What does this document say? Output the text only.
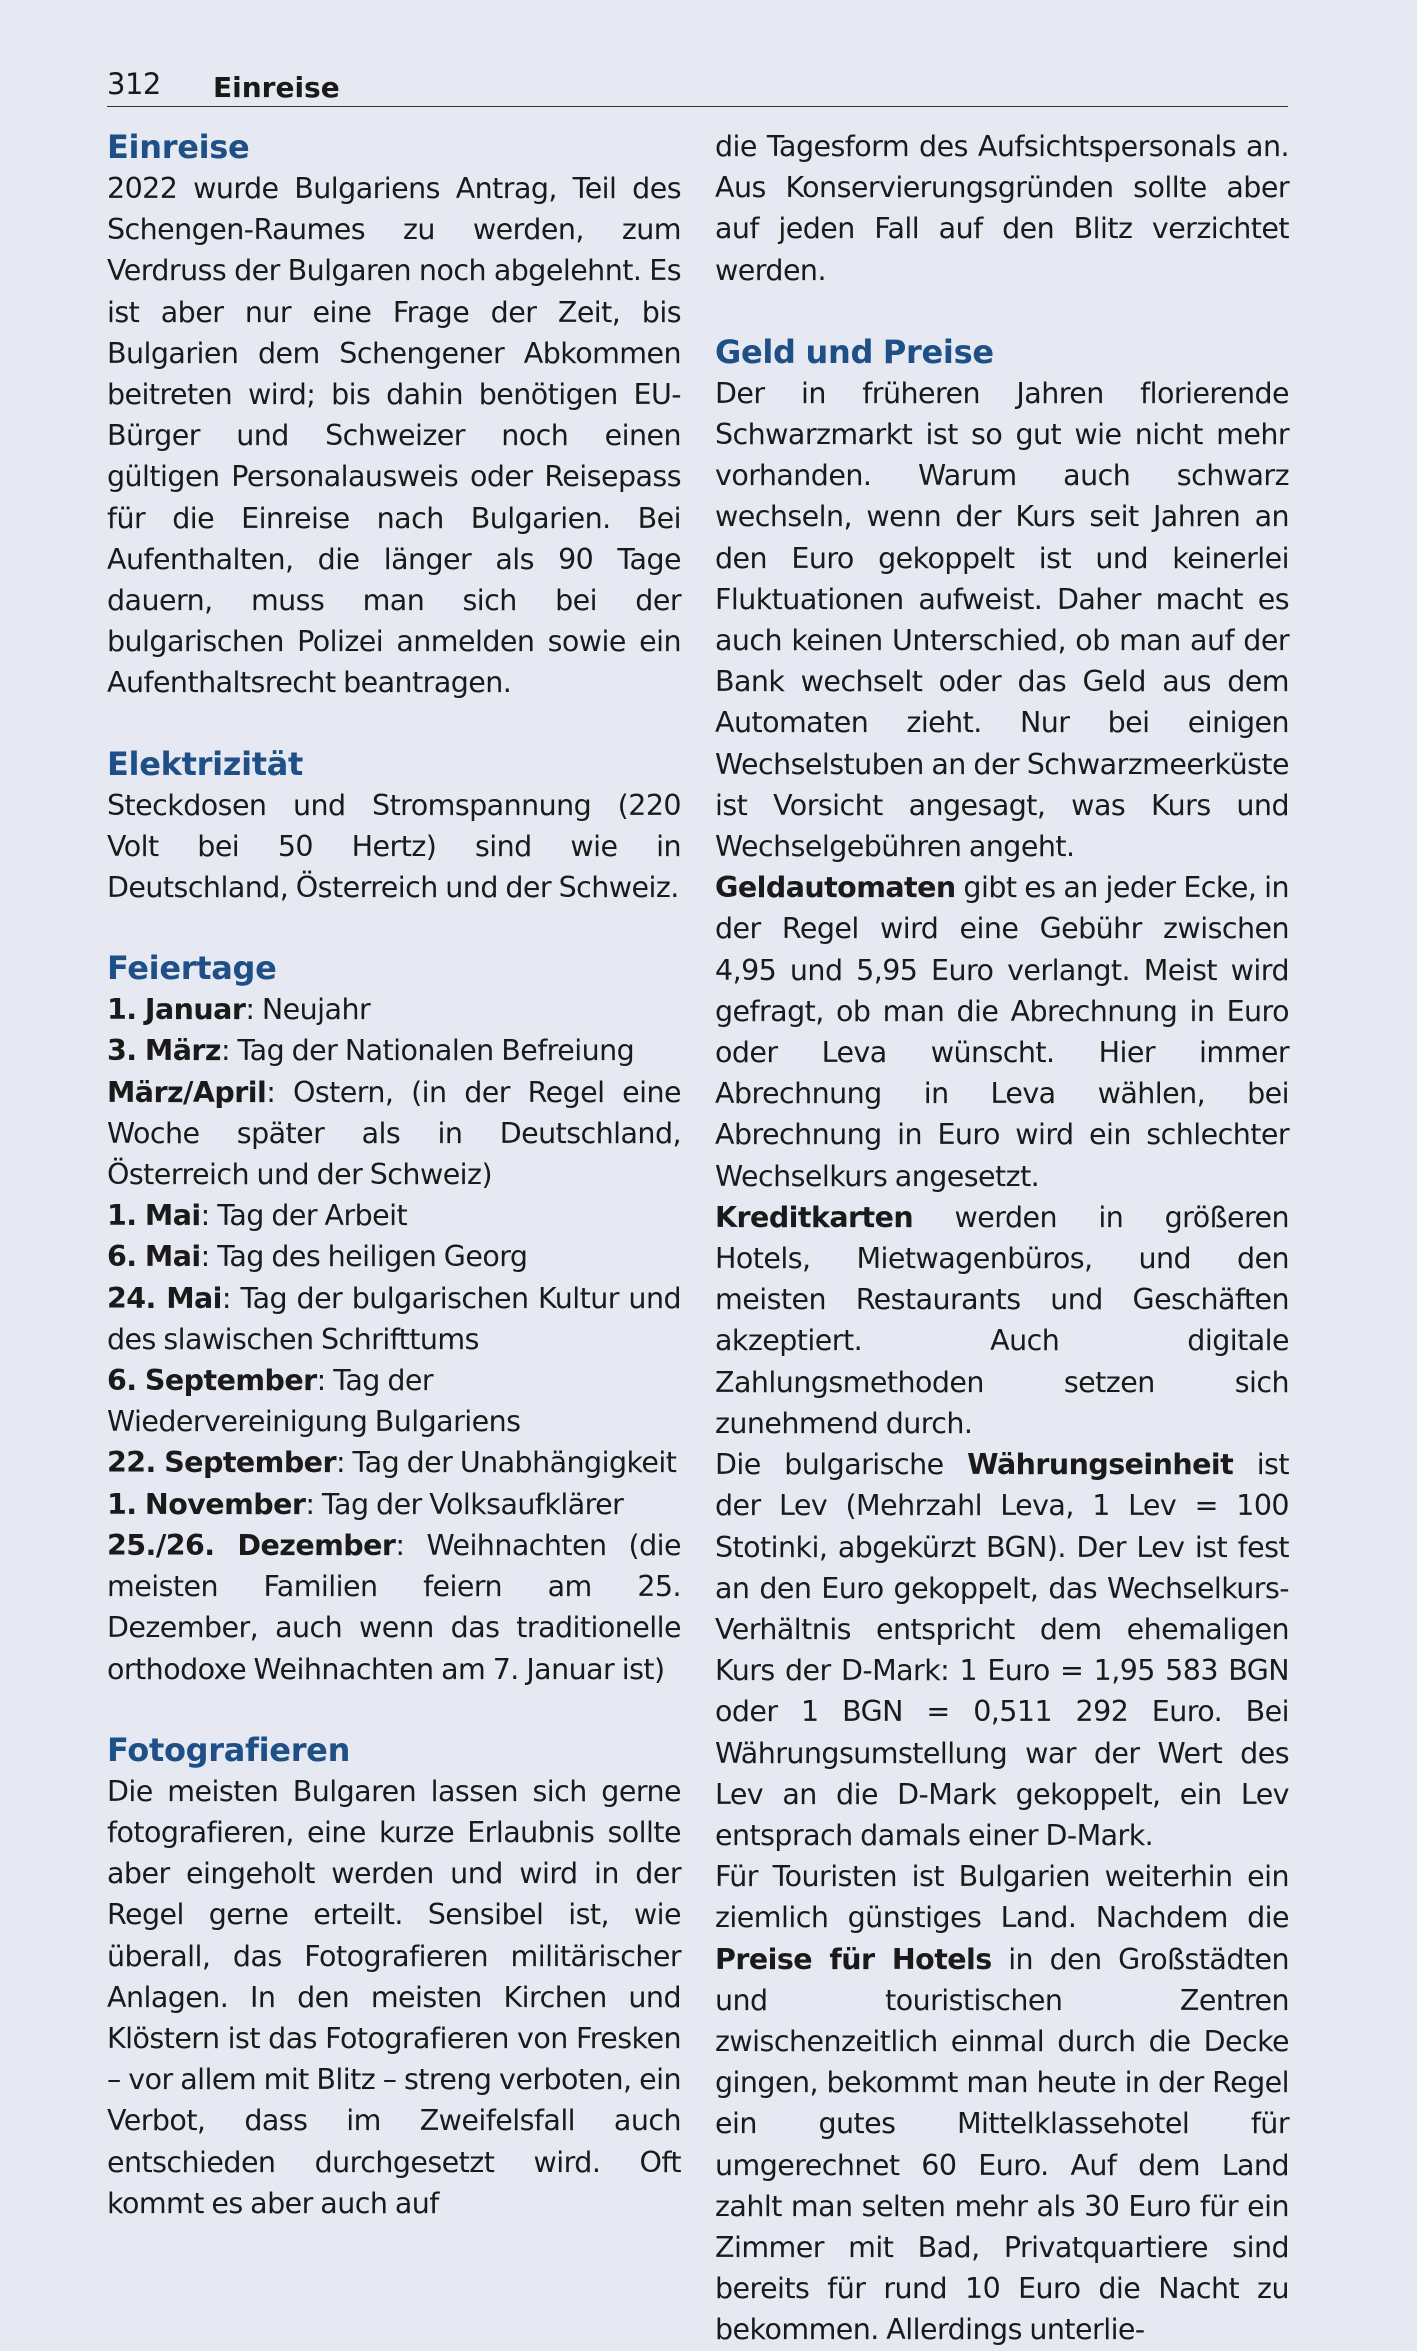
312 Einreise
Einreise

2022 wurde Bulgariens Antrag, Teil des Schengen-Raumes zu werden, zum Verdruss der Bulgaren noch abgelehnt. Es ist aber nur eine Frage der Zeit, bis Bulgarien dem Schengener Abkommen beitreten wird; bis dahin benötigen EU-Bürger und Schweizer noch einen gültigen Personalausweis oder Reisepass für die Einreise nach Bulgarien. Bei Aufenthalten, die länger als 90 Tage dauern, muss man sich bei der bulgarischen Polizei anmelden sowie ein Aufenthaltsrecht beantragen.

Elektrizität

Steckdosen und Stromspannung (220 Volt bei 50 Hertz) sind wie in Deutschland, Österreich und der Schweiz.

Feiertage

1. Januar: Neujahr

3. März: Tag der Nationalen Befreiung

März/April: Ostern, (in der Regel eine Woche später als in Deutschland, Österreich und der Schweiz)

1. Mai: Tag der Arbeit

6. Mai: Tag des heiligen Georg

24. Mai: Tag der bulgarischen Kultur und des slawischen Schrifttums

6. September: Tag der Wiedervereinigung Bulgariens

22. September: Tag der Unabhängigkeit

1. November: Tag der Volksaufklärer

25./26. Dezember: Weihnachten (die meisten Familien feiern am 25. Dezember, auch wenn das traditionelle orthodoxe Weihnachten am 7. Januar ist)

Fotografieren

Die meisten Bulgaren lassen sich gerne fotografieren, eine kurze Erlaubnis sollte aber eingeholt werden und wird in der Regel gerne erteilt. Sensibel ist, wie überall, das Fotografieren militärischer Anlagen. In den meisten Kirchen und Klöstern ist das Fotografieren von Fresken – vor allem mit Blitz – streng verboten, ein Verbot, dass im Zweifelsfall auch entschieden durchgesetzt wird. Oft kommt es aber auch auf

die Tagesform des Aufsichtspersonals an. Aus Konservierungsgründen sollte aber auf jeden Fall auf den Blitz verzichtet werden.

Geld und Preise

Der in früheren Jahren florierende Schwarzmarkt ist so gut wie nicht mehr vorhanden. Warum auch schwarz wechseln, wenn der Kurs seit Jahren an den Euro gekoppelt ist und keinerlei Fluktuationen aufweist. Daher macht es auch keinen Unterschied, ob man auf der Bank wechselt oder das Geld aus dem Automaten zieht. Nur bei einigen Wechselstuben an der Schwarzmeerküste ist Vorsicht angesagt, was Kurs und Wechselgebühren angeht.

Geldautomaten gibt es an jeder Ecke, in der Regel wird eine Gebühr zwischen 4,95 und 5,95 Euro verlangt. Meist wird gefragt, ob man die Abrechnung in Euro oder Leva wünscht. Hier immer Abrechnung in Leva wählen, bei Abrechnung in Euro wird ein schlechter Wechselkurs angesetzt.

Kreditkarten werden in größeren Hotels, Mietwagenbüros, und den meisten Restaurants und Geschäften akzeptiert. Auch digitale Zahlungsmethoden setzen sich zunehmend durch.

Die bulgarische Währungseinheit ist der Lev (Mehrzahl Leva, 1 Lev = 100 Stotinki, abgekürzt BGN). Der Lev ist fest an den Euro gekoppelt, das Wechselkurs-Verhältnis entspricht dem ehemaligen Kurs der D-Mark: 1 Euro = 1,95 583 BGN oder 1 BGN = 0,511 292 Euro. Bei Währungsumstellung war der Wert des Lev an die D-Mark gekoppelt, ein Lev entsprach damals einer D-Mark.

Für Touristen ist Bulgarien weiterhin ein ziemlich günstiges Land. Nachdem die Preise für Hotels in den Großstädten und touristischen Zentren zwischenzeitlich einmal durch die Decke gingen, bekommt man heute in der Regel ein gutes Mittelklassehotel für umgerechnet 60 Euro. Auf dem Land zahlt man selten mehr als 30 Euro für ein Zimmer mit Bad, Privatquartiere sind bereits für rund 10 Euro die Nacht zu bekommen. Allerdings unterlie-
